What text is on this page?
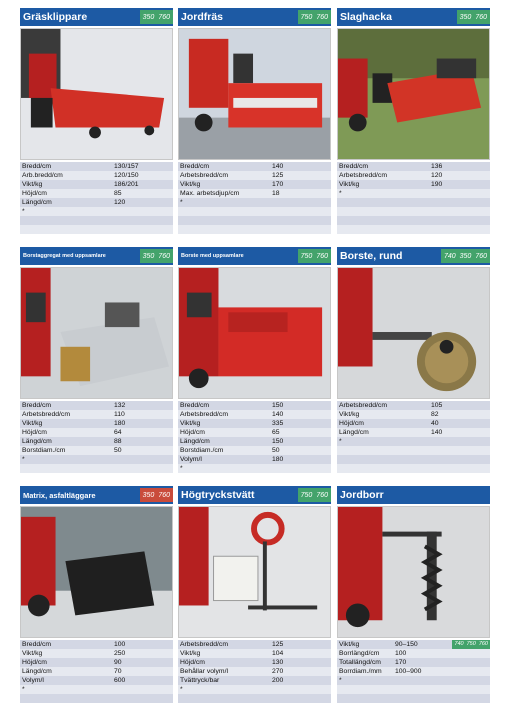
Gräsklippare	350 760
Bredd/cm	130/157
Arb.bredd/cm	120/150
Vikt/kg	186/201
Höjd/cm	85
Längd/cm	120
*
Jordfräs	750 760
Bredd/cm	140
Arbetsbredd/cm	125
Vikt/kg	170
Max. arbetsdjup/cm	18
*
Slaghacka	350 760
Bredd/cm	136
Arbetsbredd/cm	120
Vikt/kg	190
*
Borstaggregat med uppsamlare	350 760
Bredd/cm	132
Arbetsbredd/cm	110
Vikt/kg	180
Höjd/cm	64
Längd/cm	88
Borstdiam./cm	50
*
Borste med uppsamlare	750 760
Bredd/cm	150
Arbetsbredd/cm	140
Vikt/kg	335
Höjd/cm	65
Längd/cm	150
Borstdiam./cm	50
Volym/l	180
*
Borste, rund	740 350 760
Arbetsbredd/cm	105
Vikt/kg	82
Höjd/cm	40
Längd/cm	140
*
Matrix, asfaltläggare	350 760
Bredd/cm	100
Vikt/kg	250
Höjd/cm	90
Längd/cm	70
Volym/l	600
*
Högtryckstvätt	750 760
Arbetsbredd/cm	125
Vikt/kg	104
Höjd/cm	130
Behållar volym/l	270
Tvättryck/bar	200
*
Jordborr
Vikt/kg	90–150	740 750 760
Borrlängd/cm	100
Totallängd/cm	170
Borrdiam./mm	100–900
*
